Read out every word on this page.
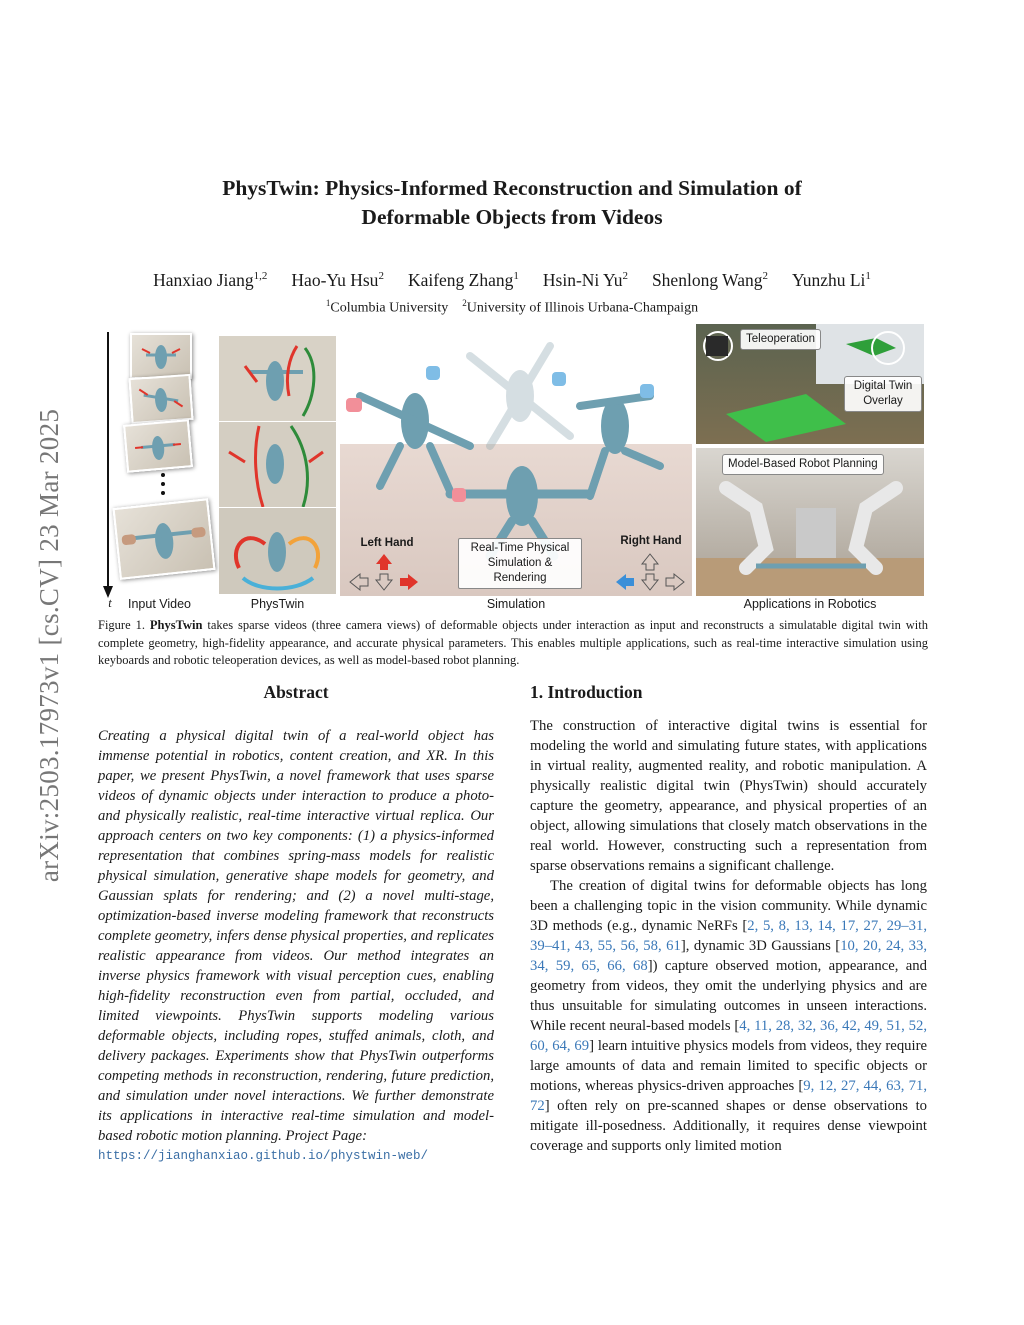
arXiv:2503.17973v1 [cs.CV] 23 Mar 2025
PhysTwin: Physics-Informed Reconstruction and Simulation of
Deformable Objects from Videos
Hanxiao Jiang$^{1,2}$ Hao-Yu Hsu$^2$ Kaifeng Zhang$^1$ Hsin-Ni Yu$^2$ Shenlong Wang$^2$ Yunzhu Li$^1$
$^1$Columbia University $^2$University of Illinois Urbana-Champaign
t	Input Video	PhysTwin
Left Hand	Right Hand
Real-Time Physical Simulation & Rendering
Simulation
Teleoperation
Digital Twin Overlay
Model-Based Robot Planning
Applications in Robotics
Figure 1. PhysTwin takes sparse videos (three camera views) of deformable objects under interaction as input and reconstructs a simulatable digital twin with complete geometry, high-fidelity appearance, and accurate physical parameters. This enables multiple applications, such as real-time interactive simulation using keyboards and robotic teleoperation devices, as well as model-based robot planning.
Abstract
Creating a physical digital twin of a real-world object has immense potential in robotics, content creation, and XR. In this paper, we present PhysTwin, a novel framework that uses sparse videos of dynamic objects under interaction to produce a photo- and physically realistic, real-time interactive virtual replica. Our approach centers on two key components: (1) a physics-informed representation that combines spring-mass models for realistic physical simulation, generative shape models for geometry, and Gaussian splats for rendering; and (2) a novel multi-stage, optimization-based inverse modeling framework that reconstructs complete geometry, infers dense physical properties, and replicates realistic appearance from videos. Our method integrates an inverse physics framework with visual perception cues, enabling high-fidelity reconstruction even from partial, occluded, and limited viewpoints. PhysTwin supports modeling various deformable objects, including ropes, stuffed animals, cloth, and delivery packages. Experiments show that PhysTwin outperforms competing methods in reconstruction, rendering, future prediction, and simulation under novel interactions. We further demonstrate its applications in interactive real-time simulation and model-based robotic motion planning. Project Page:
https://jianghanxiao.github.io/phystwin-web/
1. Introduction

The construction of interactive digital twins is essential for modeling the world and simulating future states, with applications in virtual reality, augmented reality, and robotic manipulation. A physically realistic digital twin (PhysTwin) should accurately capture the geometry, appearance, and physical properties of an object, allowing simulations that closely match observations in the real world. However, constructing such a representation from sparse observations remains a significant challenge.

The creation of digital twins for deformable objects has long been a challenging topic in the vision community. While dynamic 3D methods (e.g., dynamic NeRFs [2, 5, 8, 13, 14, 17, 27, 29–31, 39–41, 43, 55, 56, 58, 61], dynamic 3D Gaussians [10, 20, 24, 33, 34, 59, 65, 66, 68]) capture observed motion, appearance, and geometry from videos, they omit the underlying physics and are thus unsuitable for simulating outcomes in unseen interactions. While recent neural-based models [4, 11, 28, 32, 36, 42, 49, 51, 52, 60, 64, 69] learn intuitive physics models from videos, they require large amounts of data and remain limited to specific objects or motions, whereas physics-driven approaches [9, 12, 27, 44, 63, 71, 72] often rely on pre-scanned shapes or dense observations to mitigate ill-posedness. Additionally, it requires dense viewpoint coverage and supports only limited motion
